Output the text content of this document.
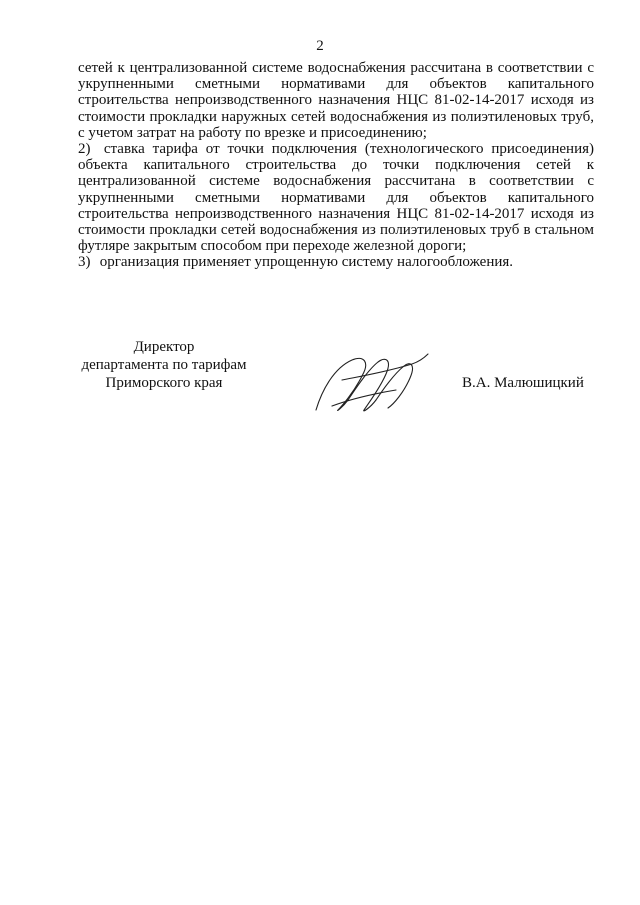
2

сетей к централизованной системе водоснабжения рассчитана в соответствии с укрупненными сметными нормативами для объектов капитального строительства непроизводственного назначения НЦС 81-02-14-2017 исходя из стоимости прокладки наружных сетей водоснабжения из полиэтиленовых труб, с учетом затрат на работу по врезке и присоединению;

2) ставка тарифа от точки подключения (технологического присоединения) объекта капитального строительства до точки подключения сетей к централизованной системе водоснабжения рассчитана в соответствии с укрупненными сметными нормативами для объектов капитального строительства непроизводственного назначения НЦС 81-02-14-2017 исходя из стоимости прокладки сетей водоснабжения из полиэтиленовых труб в стальном футляре закрытым способом при переходе железной дороги;

3) организация применяет упрощенную систему налогообложения.

Директор
департамента по тарифам
Приморского края	В.А. Малюшицкий
